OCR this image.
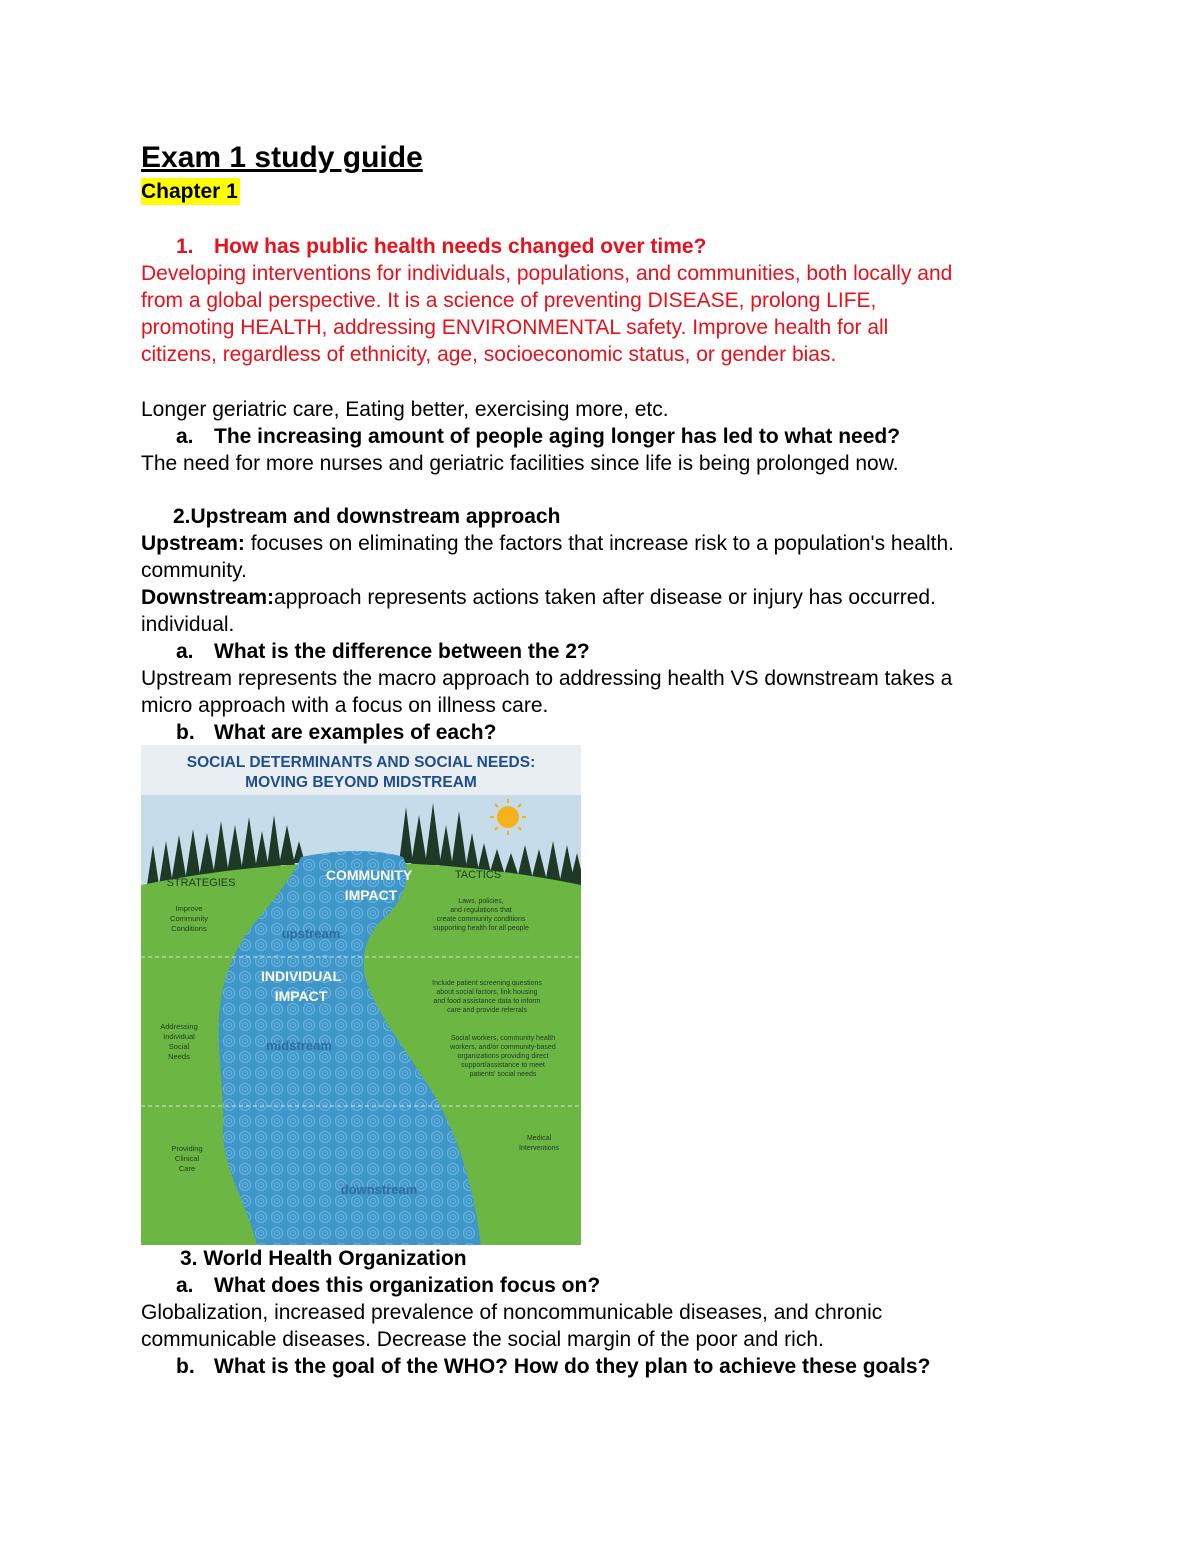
Exam 1 study guide
Chapter 1
1. How has public health needs changed over time?
Developing interventions for individuals, populations, and communities, both locally and
from a global perspective. It is a science of preventing DISEASE, prolong LIFE,
promoting HEALTH, addressing ENVIRONMENTAL safety. Improve health for all
citizens, regardless of ethnicity, age, socioeconomic status, or gender bias.
Longer geriatric care, Eating better, exercising more, etc.
a. The increasing amount of people aging longer has led to what need?
The need for more nurses and geriatric facilities since life is being prolonged now.
2.Upstream and downstream approach
Upstream: focuses on eliminating the factors that increase risk to a population's health.
community.
Downstream:approach represents actions taken after disease or injury has occurred.
individual.
a. What is the difference between the 2?
Upstream represents the macro approach to addressing health VS downstream takes a
micro approach with a focus on illness care.
b. What are examples of each?
SOCIAL DETERMINANTS AND SOCIAL NEEDS:
MOVING BEYOND MIDSTREAM
STRATEGIES
TACTICS
COMMUNITY
IMPACT
upstream
INDIVIDUAL
IMPACT
midstream
downstream
Improve
Community
Conditions
Addressing
Individual
Social
Needs
Providing
Clinical
Care
Laws, policies,
and regulations that
create community conditions
supporting health for all people
Include patient screening questions
about social factors, link housing
and food assistance data to inform
care and provide referrals
Social workers, community health
workers, and/or community-based
organizations providing direct
support/assistance to meet
patients' social needs
Medical
Interventions
3. World Health Organization
a. What does this organization focus on?
Globalization, increased prevalence of noncommunicable diseases, and chronic
communicable diseases. Decrease the social margin of the poor and rich.
b. What is the goal of the WHO? How do they plan to achieve these goals?
